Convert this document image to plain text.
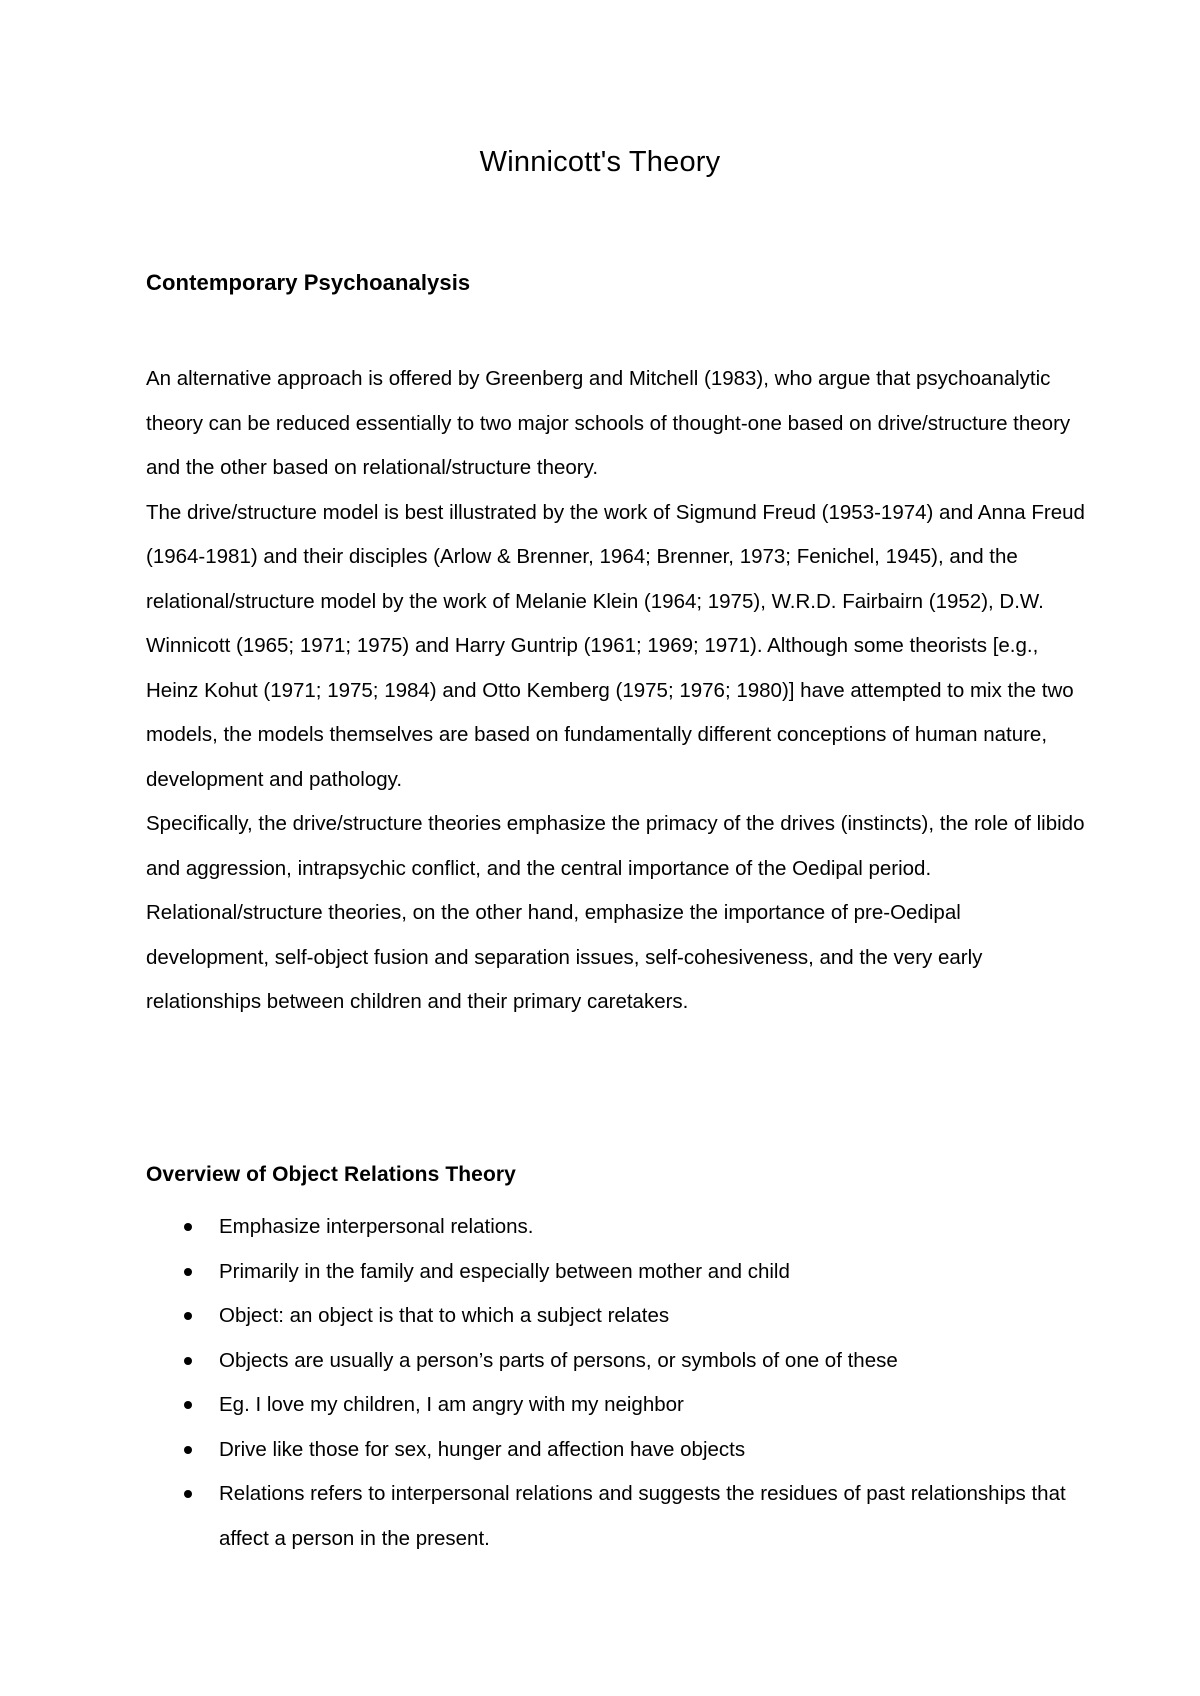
Winnicott's Theory
Contemporary Psychoanalysis

An alternative approach is offered by Greenberg and Mitchell (1983), who argue that psychoanalytic theory can be reduced essentially to two major schools of thought-one based on drive/structure theory and the other based on relational/structure theory.

The drive/structure model is best illustrated by the work of Sigmund Freud (1953-1974) and Anna Freud (1964-1981) and their disciples (Arlow & Brenner, 1964; Brenner, 1973; Fenichel, 1945), and the relational/structure model by the work of Melanie Klein (1964; 1975), W.R.D. Fairbairn (1952), D.W. Winnicott (1965; 1971; 1975) and Harry Guntrip (1961; 1969; 1971). Although some theorists [e.g., Heinz Kohut (1971; 1975; 1984) and Otto Kemberg (1975; 1976; 1980)] have attempted to mix the two models, the models themselves are based on fundamentally different conceptions of human nature, development and pathology.

Specifically, the drive/structure theories emphasize the primacy of the drives (instincts), the role of libido and aggression, intrapsychic conflict, and the central importance of the Oedipal period.

Relational/structure theories, on the other hand, emphasize the importance of pre-Oedipal development, self-object fusion and separation issues, self-cohesiveness, and the very early relationships between children and their primary caretakers.

Overview of Object Relations Theory
Emphasize interpersonal relations.
Primarily in the family and especially between mother and child
Object: an object is that to which a subject relates
Objects are usually a person’s parts of persons, or symbols of one of these
Eg. I love my children, I am angry with my neighbor
Drive like those for sex, hunger and affection have objects
Relations refers to interpersonal relations and suggests the residues of past relationships that affect a person in the present.
